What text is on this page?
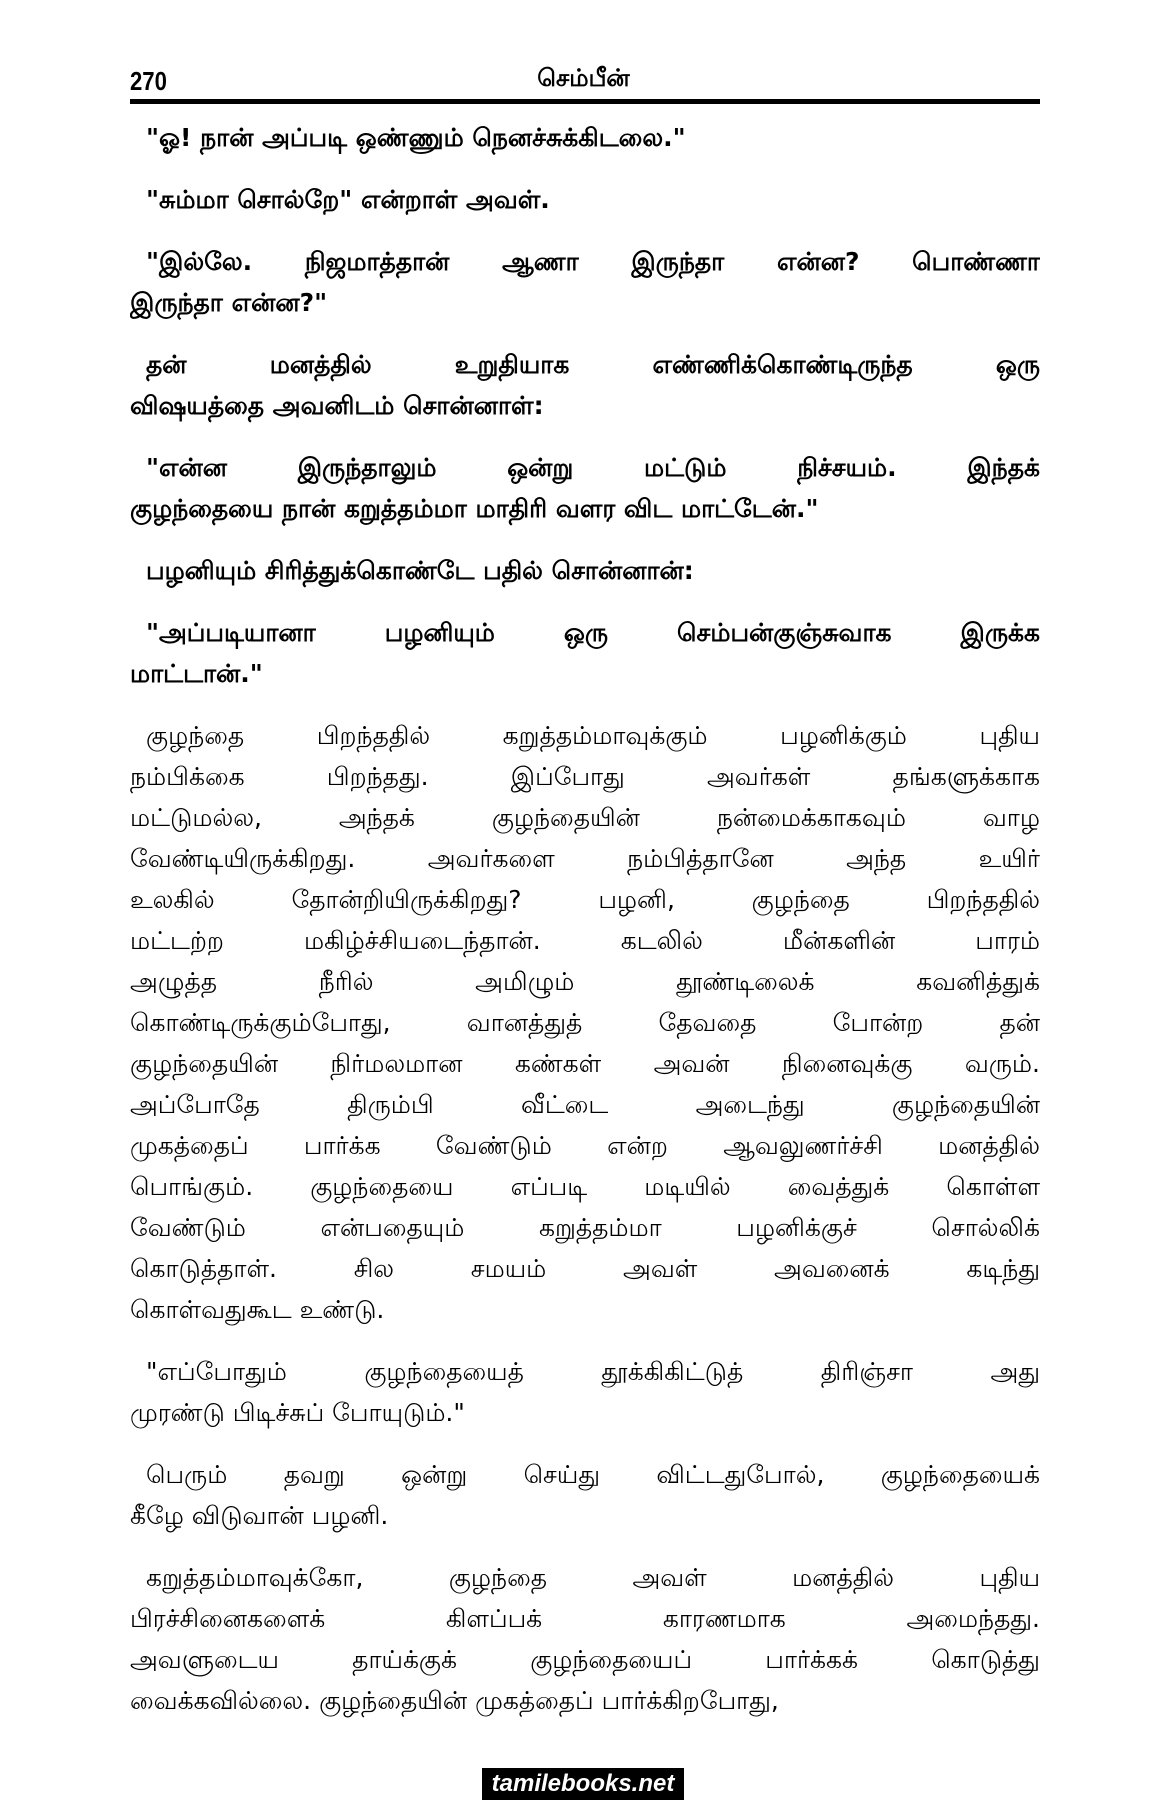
270	செம்பீன்
"ஓ! நான் அப்படி ஒண்ணும் நெனச்சுக்கிடலை."
"சும்மா சொல்றே" என்றாள் அவள்.
"இல்லே. நிஜமாத்தான் ஆணா இருந்தா என்ன? பொண்ணா
இருந்தா என்ன?"
தன் மனத்தில் உறுதியாக எண்ணிக்கொண்டிருந்த ஒரு
விஷயத்தை அவனிடம் சொன்னாள்:
"என்ன இருந்தாலும் ஒன்று மட்டும் நிச்சயம். இந்தக்
குழந்தையை நான் கறுத்தம்மா மாதிரி வளர விட மாட்டேன்."
பழனியும் சிரித்துக்கொண்டே பதில் சொன்னான்:
"அப்படியானா பழனியும் ஒரு செம்பன்குஞ்சுவாக இருக்க
மாட்டான்."
குழந்தை பிறந்ததில் கறுத்தம்மாவுக்கும் பழனிக்கும் புதிய
நம்பிக்கை பிறந்தது. இப்போது அவர்கள் தங்களுக்காக
மட்டுமல்ல, அந்தக் குழந்தையின் நன்மைக்காகவும் வாழ
வேண்டியிருக்கிறது. அவர்களை நம்பித்தானே அந்த உயிர்
உலகில் தோன்றியிருக்கிறது? பழனி, குழந்தை பிறந்ததில்
மட்டற்ற மகிழ்ச்சியடைந்தான். கடலில் மீன்களின் பாரம்
அழுத்த நீரில் அமிழும் தூண்டிலைக் கவனித்துக்
கொண்டிருக்கும்போது, வானத்துத் தேவதை போன்ற தன்
குழந்தையின் நிர்மலமான கண்கள் அவன் நினைவுக்கு வரும்.
அப்போதே திரும்பி வீட்டை அடைந்து குழந்தையின்
முகத்தைப் பார்க்க வேண்டும் என்ற ஆவலுணர்ச்சி மனத்தில்
பொங்கும். குழந்தையை எப்படி மடியில் வைத்துக் கொள்ள
வேண்டும் என்பதையும் கறுத்தம்மா பழனிக்குச் சொல்லிக்
கொடுத்தாள். சில சமயம் அவள் அவனைக் கடிந்து
கொள்வதுகூட உண்டு.
"எப்போதும் குழந்தையைத் தூக்கிகிட்டுத் திரிஞ்சா அது
முரண்டு பிடிச்சுப் போயுடும்."
பெரும் தவறு ஒன்று செய்து விட்டதுபோல், குழந்தையைக்
கீழே விடுவான் பழனி.
கறுத்தம்மாவுக்கோ, குழந்தை அவள் மனத்தில் புதிய
பிரச்சினைகளைக் கிளப்பக் காரணமாக அமைந்தது.
அவளுடைய தாய்க்குக் குழந்தையைப் பார்க்கக் கொடுத்து
வைக்கவில்லை. குழந்தையின் முகத்தைப் பார்க்கிறபோது,
tamilebooks.net
